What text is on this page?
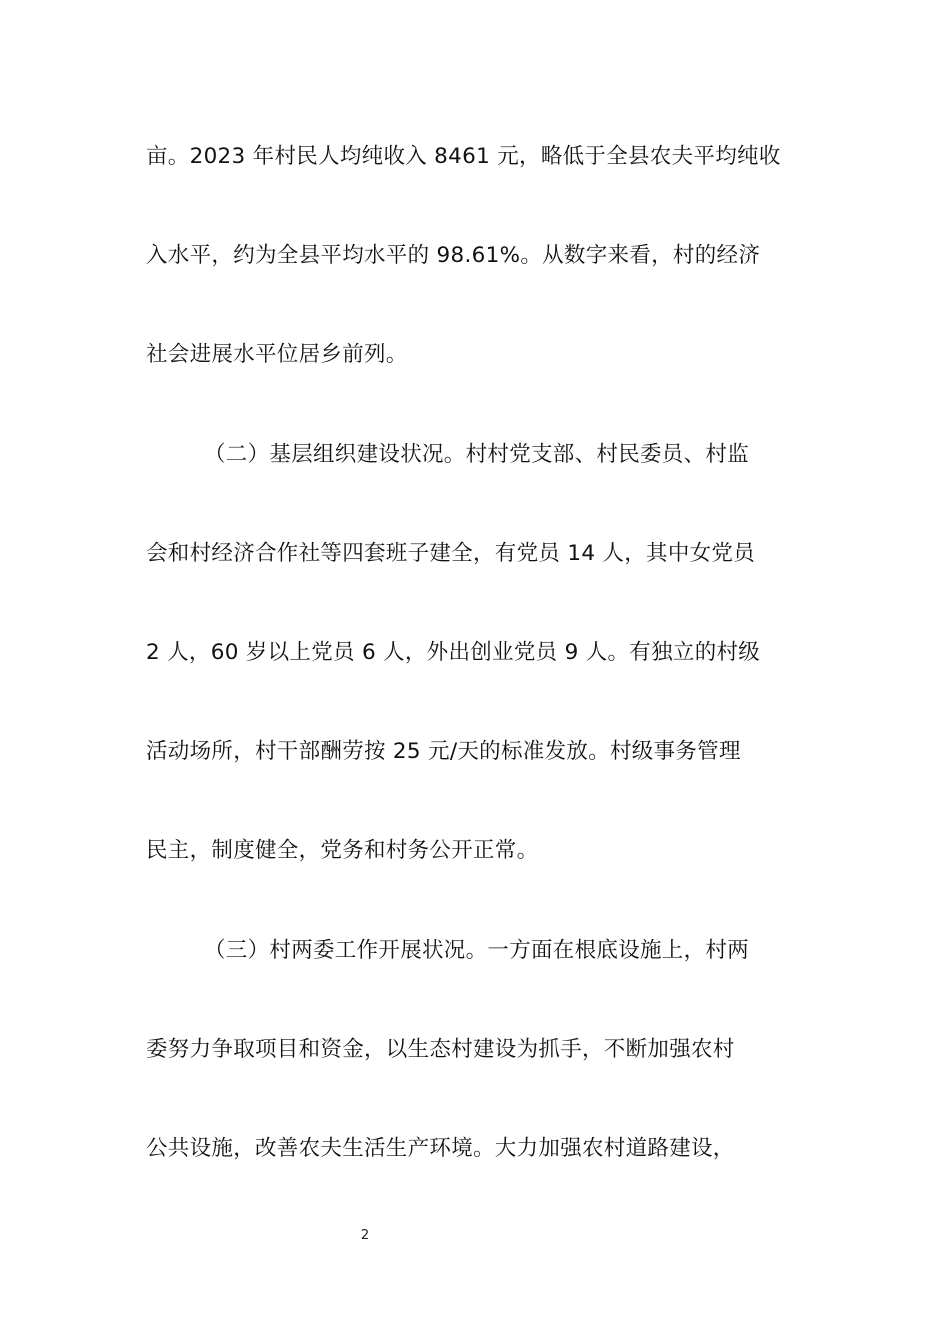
亩。2023 年村民人均纯收入 8461 元，略低于全县农夫平均纯收
入水平，约为全县平均水平的 98.61%。从数字来看，村的经济
社会进展水平位居乡前列。
（二）基层组织建设状况。村村党支部、村民委员、村监
会和村经济合作社等四套班子建全，有党员 14 人，其中女党员
2 人，60 岁以上党员 6 人，外出创业党员 9 人。有独立的村级
活动场所，村干部酬劳按 25 元/天的标准发放。村级事务管理
民主，制度健全，党务和村务公开正常。
（三）村两委工作开展状况。一方面在根底设施上，村两
委努力争取项目和资金，以生态村建设为抓手，不断加强农村
公共设施，改善农夫生活生产环境。大力加强农村道路建设，
2
